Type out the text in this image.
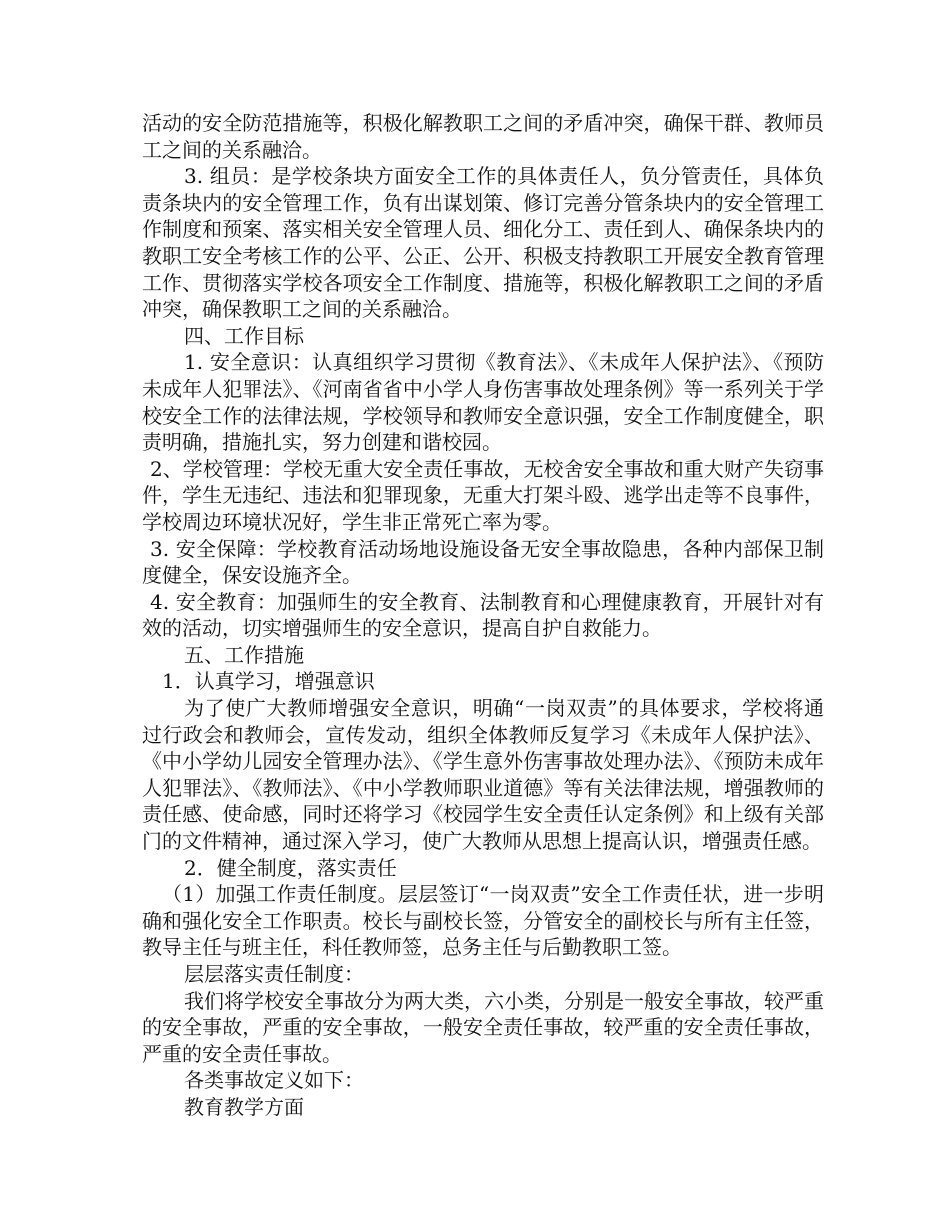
活动的安全防范措施等，积极化解教职工之间的矛盾冲突，确保干群、教师员工之间的关系融洽。

3. 组员：是学校条块方面安全工作的具体责任人，负分管责任，具体负责条块内的安全管理工作，负有出谋划策、修订完善分管条块内的安全管理工作制度和预案、落实相关安全管理人员、细化分工、责任到人、确保条块内的教职工安全考核工作的公平、公正、公开、积极支持教职工开展安全教育管理工作、贯彻落实学校各项安全工作制度、措施等，积极化解教职工之间的矛盾冲突，确保教职工之间的关系融洽。

四、工作目标

1. 安全意识：认真组织学习贯彻《教育法》、《未成年人保护法》、《预防未成年人犯罪法》、《河南省省中小学人身伤害事故处理条例》等一系列关于学校安全工作的法律法规，学校领导和教师安全意识强，安全工作制度健全，职责明确，措施扎实，努力创建和谐校园。

2、学校管理：学校无重大安全责任事故，无校舍安全事故和重大财产失窃事件，学生无违纪、违法和犯罪现象，无重大打架斗殴、逃学出走等不良事件，学校周边环境状况好，学生非正常死亡率为零。

3. 安全保障：学校教育活动场地设施设备无安全事故隐患，各种内部保卫制度健全，保安设施齐全。

4. 安全教育：加强师生的安全教育、法制教育和心理健康教育，开展针对有效的活动，切实增强师生的安全意识，提高自护自救能力。

五、工作措施

1．认真学习，增强意识

为了使广大教师增强安全意识，明确“一岗双责”的具体要求，学校将通过行政会和教师会，宣传发动，组织全体教师反复学习《未成年人保护法》、《中小学幼儿园安全管理办法》、《学生意外伤害事故处理办法》、《预防未成年人犯罪法》、《教师法》、《中小学教师职业道德》等有关法律法规，增强教师的责任感、使命感，同时还将学习《校园学生安全责任认定条例》和上级有关部门的文件精神，通过深入学习，使广大教师从思想上提高认识，增强责任感。

2．健全制度，落实责任

（1）加强工作责任制度。层层签订“一岗双责”安全工作责任状，进一步明确和强化安全工作职责。校长与副校长签，分管安全的副校长与所有主任签，教导主任与班主任，科任教师签，总务主任与后勤教职工签。

层层落实责任制度：

我们将学校安全事故分为两大类，六小类，分别是一般安全事故，较严重的安全事故，严重的安全事故，一般安全责任事故，较严重的安全责任事故，严重的安全责任事故。

各类事故定义如下：

教育教学方面
